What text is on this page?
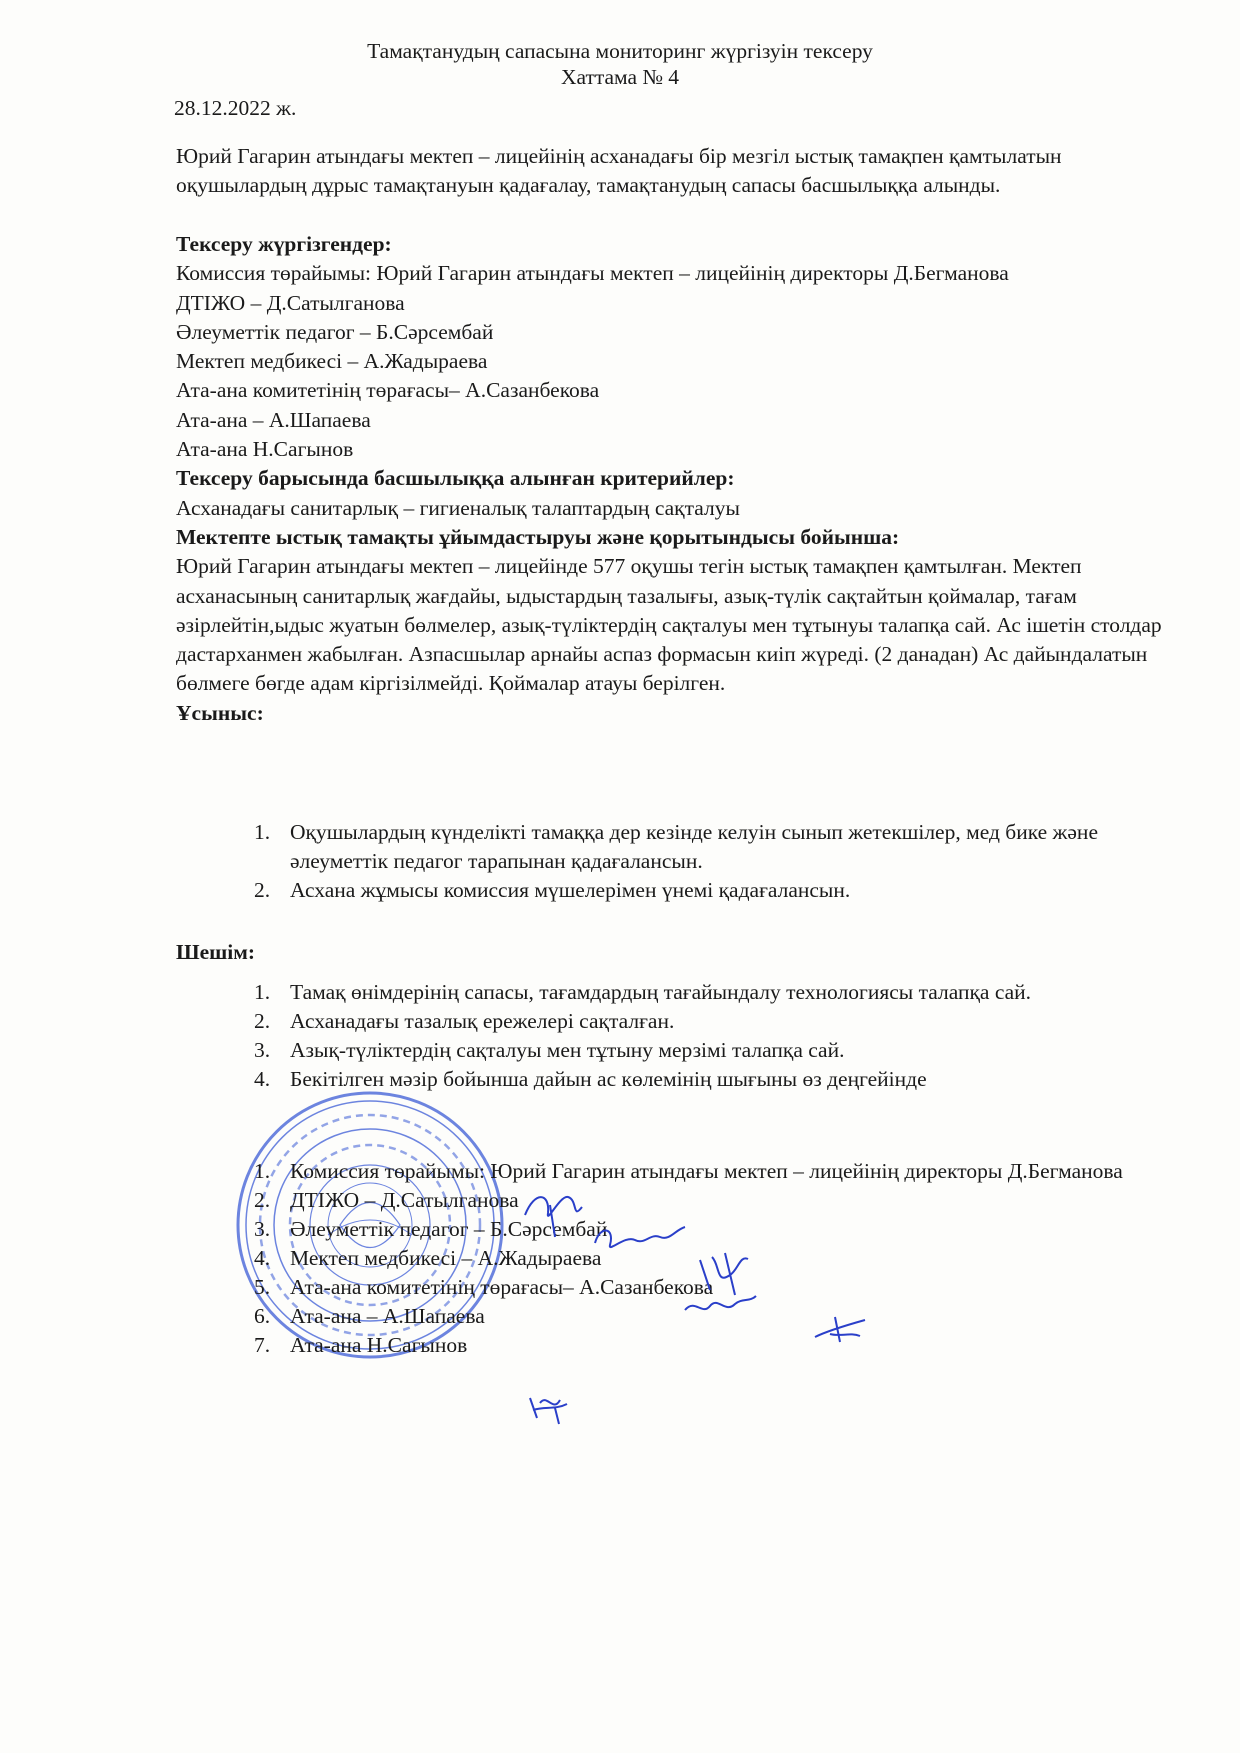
Тамақтанудың сапасына мониторинг жүргізуін тексеру
Хаттама № 4
28.12.2022 ж.
Юрий Гагарин атындағы мектеп – лицейінің асханадағы бір мезгіл ыстық тамақпен қамтылатын оқушылардың дұрыс тамақтануын қадағалау, тамақтанудың сапасы басшылыққа алынды.
Тексеру жүргізгендер:
Комиссия төрайымы: Юрий Гагарин атындағы мектеп – лицейінің директоры Д.Бегманова
ДТІЖО – Д.Сатылганова
Әлеуметтік педагог – Б.Сәрсембай
Мектеп медбикесі – А.Жадыраева
Ата-ана комитетінің төрағасы– А.Сазанбекова
Ата-ана – А.Шапаева
Ата-ана Н.Сагынов
Тексеру барысында басшылыққа алынған критерийлер:
Асханадағы санитарлық – гигиеналық талаптардың сақталуы
Мектепте ыстық тамақты ұйымдастыруы және қорытындысы бойынша:
Юрий Гагарин атындағы мектеп – лицейінде 577 оқушы тегін ыстық тамақпен қамтылған. Мектеп асханасының санитарлық жағдайы, ыдыстардың тазалығы, азық-түлік сақтайтын қоймалар, тағам әзірлейтін,ыдыс жуатын бөлмелер, азық-түліктердің сақталуы мен тұтынуы талапқа сай. Ас ішетін столдар дастарханмен жабылған. Азпасшылар арнайы аспаз формасын киіп жүреді. (2 данадан) Ас дайындалатын бөлмеге бөгде адам кіргізілмейді. Қоймалар атауы берілген.
Ұсыныс:
1. Оқушылардың күнделікті тамаққа дер кезінде келуін сынып жетекшілер, мед бике және әлеуметтік педагог тарапынан қадағалансын.
2. Асхана жұмысы комиссия мүшелерімен үнемі қадағалансын.
Шешім:
1. Тамақ өнімдерінің сапасы, тағамдардың тағайындалу технологиясы талапқа сай.
2. Асханадағы тазалық ережелері сақталған.
3. Азық-түліктердің сақталуы мен тұтыну мерзімі талапқа сай.
4. Бекітілген мәзір бойынша дайын ас көлемінің шығыны өз деңгейінде
1. Комиссия төрайымы: Юрий Гагарин атындағы мектеп – лицейінің директоры Д.Бегманова
2. ДТІЖО – Д.Сатылганова
3. Әлеуметтік педагог – Б.Сәрсембай
4. Мектеп медбикесі – А.Жадыраева
5. Ата-ана комитетінің төрағасы– А.Сазанбекова
6. Ата-ана – А.Шапаева
7. Ата-ана Н.Сагынов
